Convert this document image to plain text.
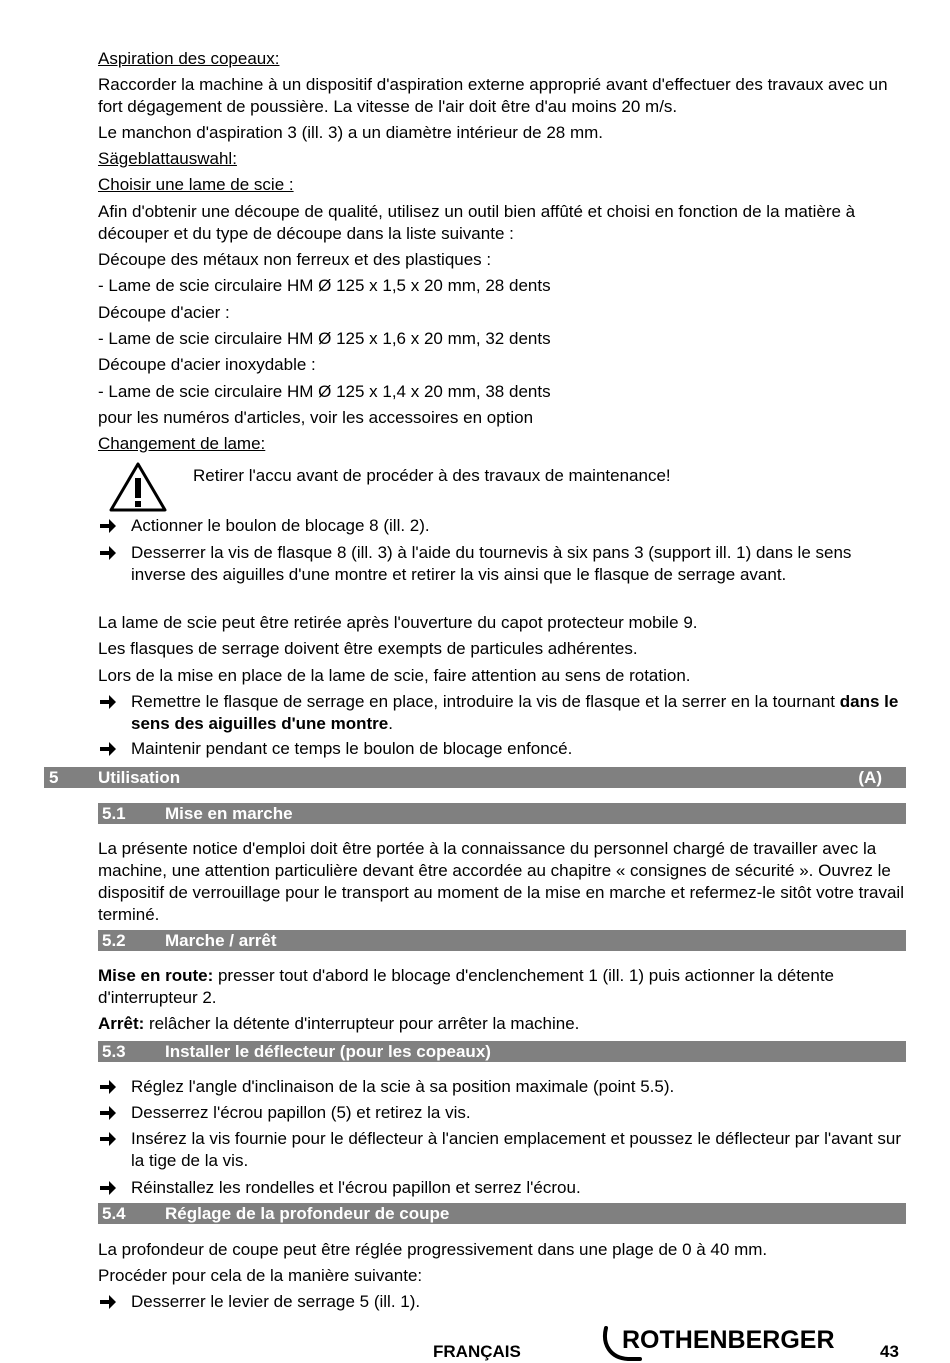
Aspiration des copeaux:

Raccorder la machine à un dispositif d'aspiration externe approprié avant d'effectuer des travaux avec un fort dégagement de poussière. La vitesse de l'air doit être d'au moins 20 m/s.

Le manchon d'aspiration 3 (ill. 3) a un diamètre intérieur de 28 mm.

Sägeblattauswahl:

Choisir une lame de scie :

Afin d'obtenir une découpe de qualité, utilisez un outil bien affûté et choisi en fonction de la matière à découper et du type de découpe dans la liste suivante :

Découpe des métaux non ferreux et des plastiques :

- Lame de scie circulaire HM Ø 125 x 1,5 x 20 mm, 28 dents

Découpe d'acier :

- Lame de scie circulaire HM Ø 125 x 1,6 x 20 mm, 32 dents

Découpe d'acier inoxydable :

- Lame de scie circulaire HM Ø 125 x 1,4 x 20 mm, 38 dents

pour les numéros d'articles, voir les accessoires en option

Changement de lame:

Retirer l'accu avant de procéder à des travaux de maintenance!

Actionner le boulon de blocage 8 (ill. 2).
Desserrer la vis de flasque 8 (ill. 3) à l'aide du tournevis à six pans 3 (support ill. 1) dans le sens inverse des aiguilles d'une montre et retirer la vis ainsi que le flasque de serrage avant.

La lame de scie peut être retirée après l'ouverture du capot protecteur mobile 9.

Les flasques de serrage doivent être exempts de particules adhérentes.

Lors de la mise en place de la lame de scie, faire attention au sens de rotation.

Remettre le flasque de serrage en place, introduire la vis de flasque et la serrer en la tournant dans le sens des aiguilles d'une montre.
Maintenir pendant ce temps le boulon de blocage enfoncé.
5 Utilisation	(A)
5.1 Mise en marche

La présente notice d'emploi doit être portée à la connaissance du personnel chargé de travailler avec la machine, une attention particulière devant être accordée au chapitre « consignes de sécurité ». Ouvrez le dispositif de verrouillage pour le transport au moment de la mise en marche et refermez-le sitôt votre travail terminé.

5.2 Marche / arrêt

Mise en route: presser tout d'abord le blocage d'enclenchement 1 (ill. 1) puis actionner la détente d'interrupteur 2.

Arrêt: relâcher la détente d'interrupteur pour arrêter la machine.

5.3 Installer le déflecteur (pour les copeaux)
Réglez l'angle d'inclinaison de la scie à sa position maximale (point 5.5).
Desserrez l'écrou papillon (5) et retirez la vis.
Insérez la vis fournie pour le déflecteur à l'ancien emplacement et poussez le déflecteur par l'avant sur la tige de la vis.
Réinstallez les rondelles et l'écrou papillon et serrez l'écrou.
5.4 Réglage de la profondeur de coupe

La profondeur de coupe peut être réglée progressivement dans une plage de 0 à 40 mm.

Procéder pour cela de la manière suivante:

Desserrer le levier de serrage 5 (ill. 1).
FRANÇAIS	ROTHENBERGER	43
